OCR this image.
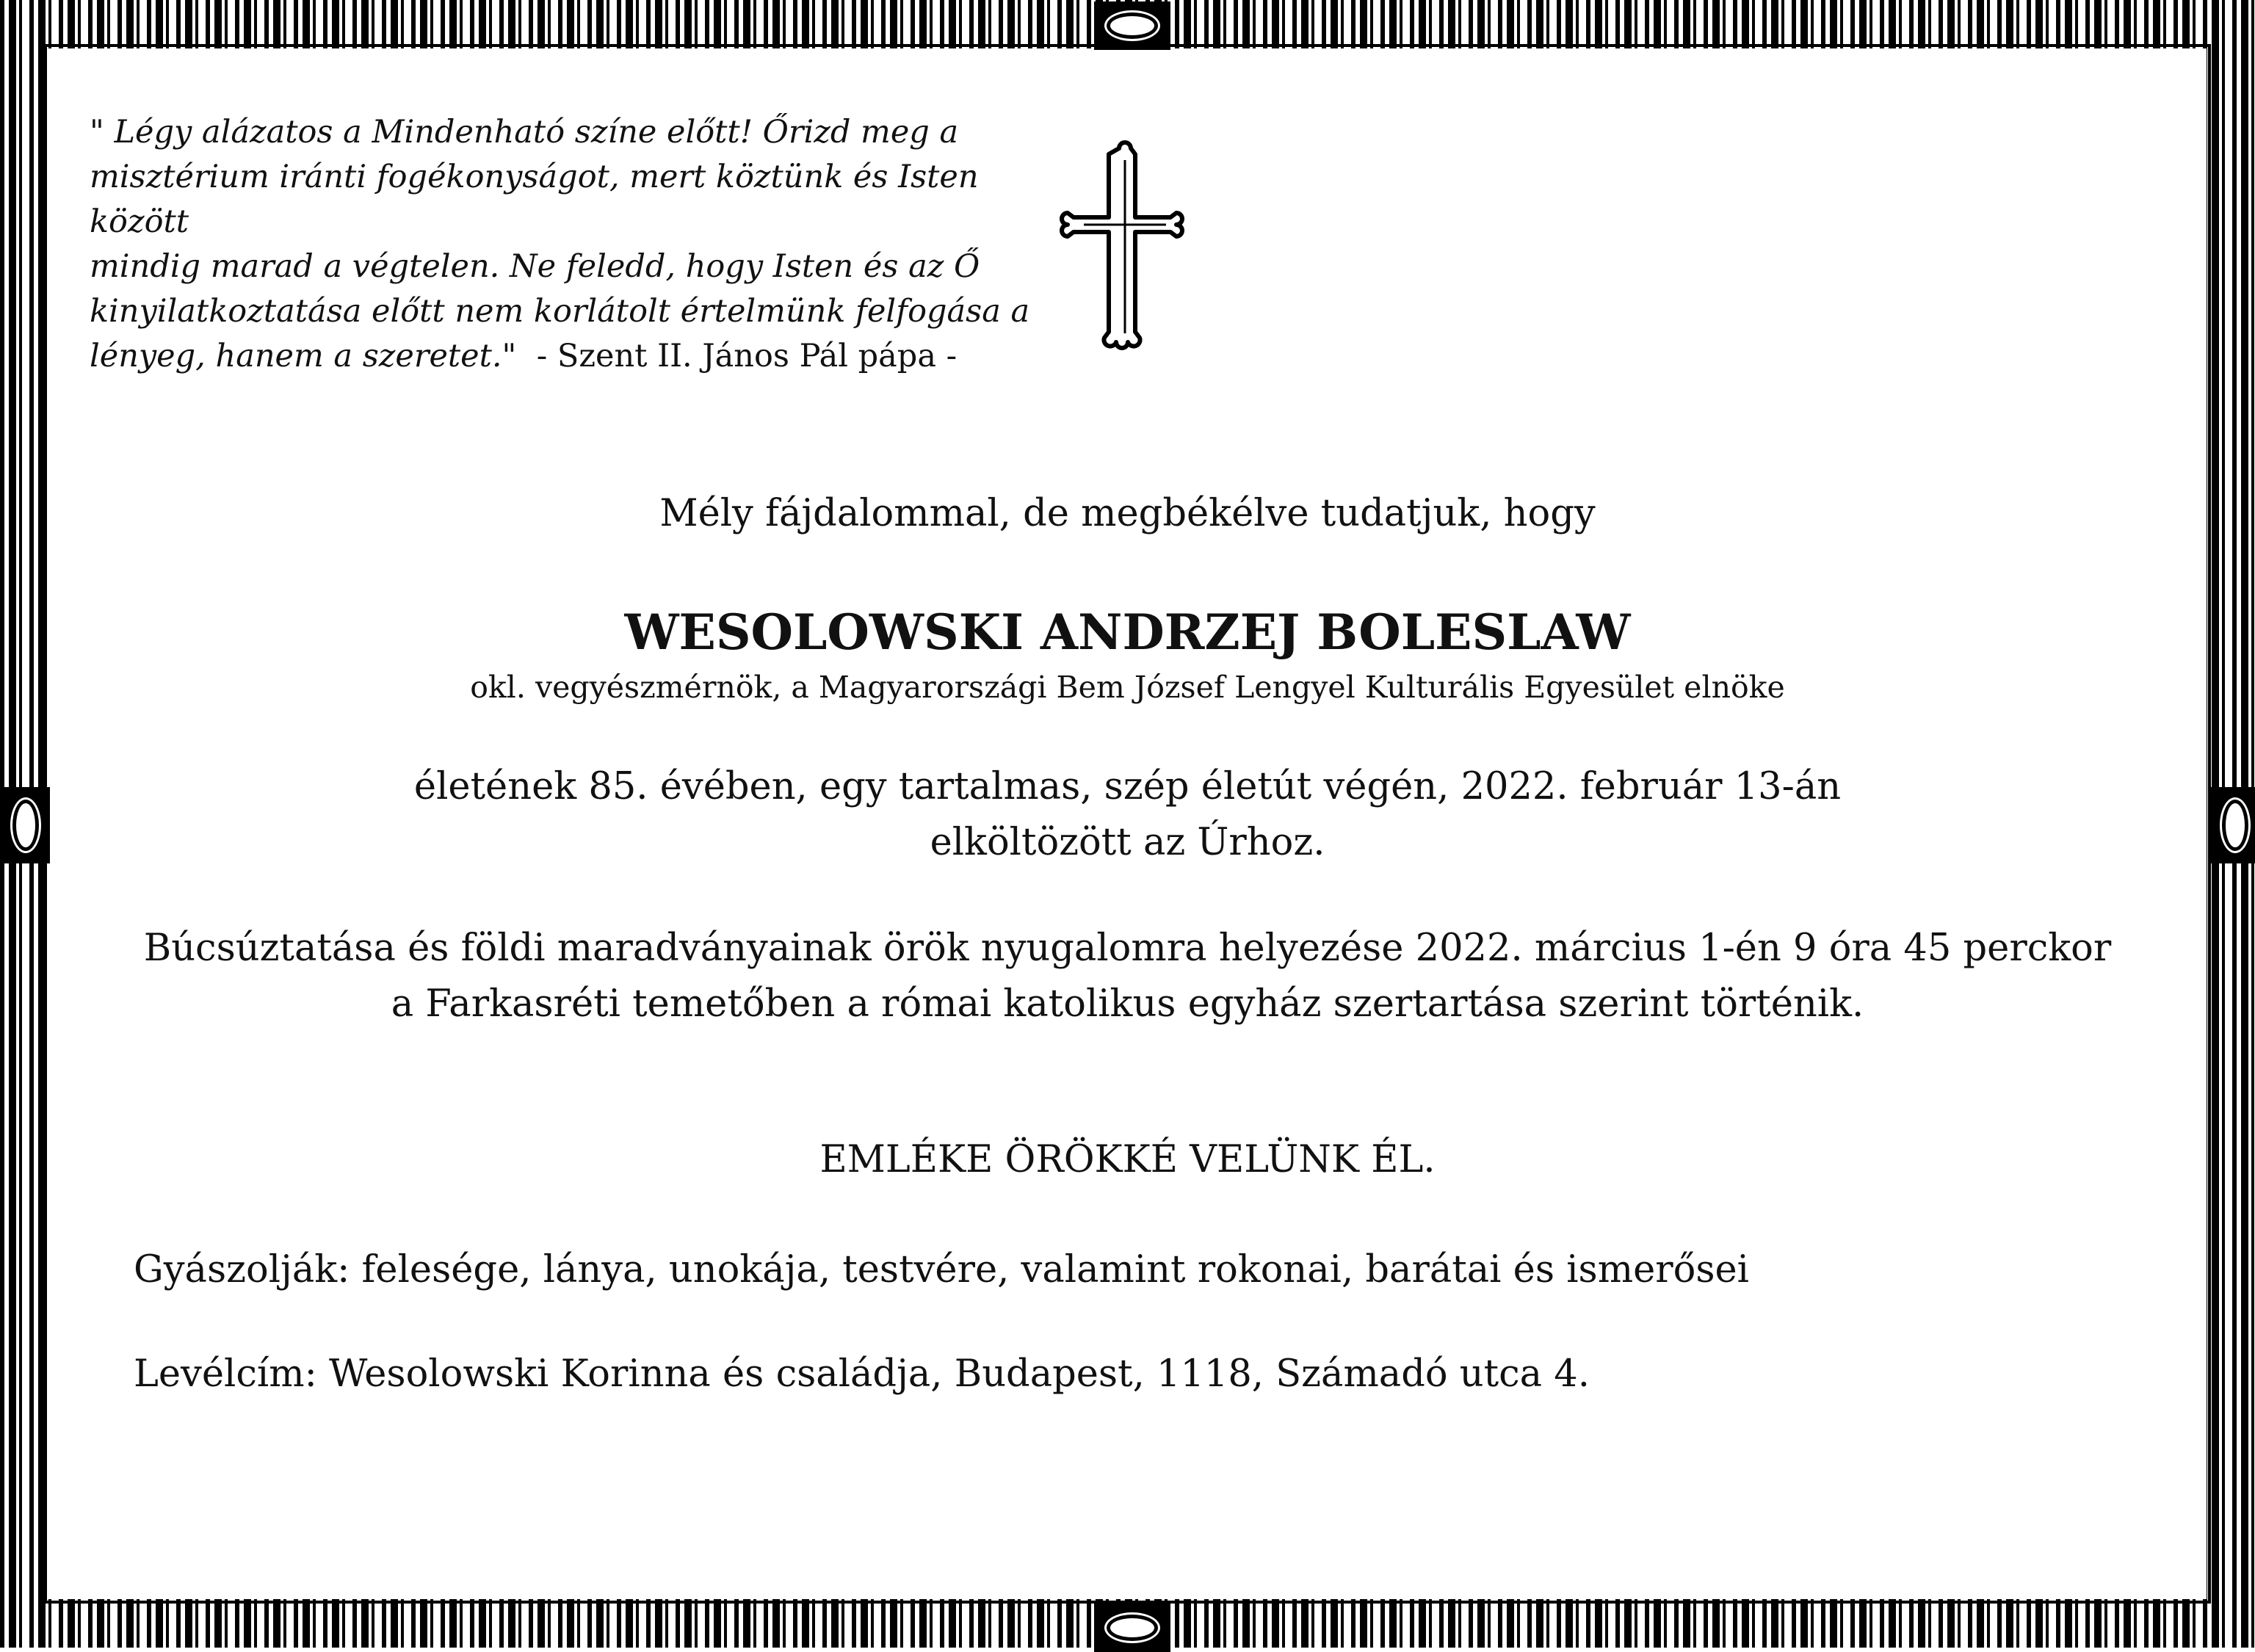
" Légy alázatos a Mindenható színe előtt! Őrizd meg a
misztérium iránti fogékonyságot, mert köztünk és Isten között
mindig marad a végtelen. Ne feledd, hogy Isten és az Ő
kinyilatkoztatása előtt nem korlátolt értelmünk felfogása a
lényeg, hanem a szeretet." - Szent II. János Pál pápa -
Mély fájdalommal, de megbékélve tudatjuk, hogy
WESOLOWSKI ANDRZEJ BOLESLAW
okl. vegyészmérnök, a Magyarországi Bem József Lengyel Kulturális Egyesület elnöke
életének 85. évében, egy tartalmas, szép életút végén, 2022. február 13-án
elköltözött az Úrhoz.
Búcsúztatása és földi maradványainak örök nyugalomra helyezése 2022. március 1-én 9 óra 45 perckor
a Farkasréti temetőben a római katolikus egyház szertartása szerint történik.
EMLÉKE ÖRÖKKÉ VELÜNK ÉL.
Gyászolják: felesége, lánya, unokája, testvére, valamint rokonai, barátai és ismerősei
Levélcím: Wesolowski Korinna és családja, Budapest, 1118, Számadó utca 4.
